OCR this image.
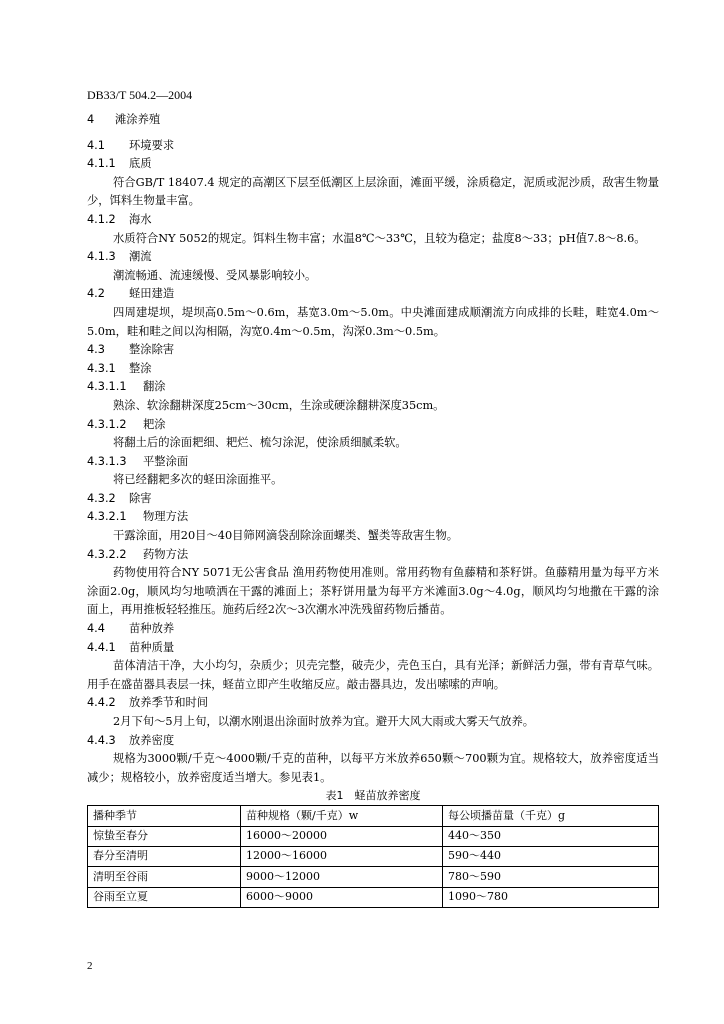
DB33/T 504.2—2004
4	滩涂养殖
4.1	环境要求
4.1.1	底质
符合GB/T 18407.4 规定的高潮区下层至低潮区上层涂面，滩面平缓，涂质稳定，泥质或泥沙质，敌害生物量少，饵料生物量丰富。
4.1.2	海水
水质符合NY 5052的规定。饵料生物丰富；水温8℃～33℃，且较为稳定；盐度8～33；pH值7.8～8.6。
4.1.3	潮流
潮流畅通、流速缓慢、受风暴影响较小。
4.2	蛏田建造
四周建堤坝，堤坝高0.5m～0.6m，基宽3.0m～5.0m。中央滩面建成顺潮流方向成排的长畦，畦宽4.0m～5.0m，畦和畦之间以沟相隔，沟宽0.4m～0.5m，沟深0.3m～0.5m。
4.3	整涂除害
4.3.1	整涂
4.3.1.1	翻涂
熟涂、软涂翻耕深度25cm～30cm，生涂或硬涂翻耕深度35cm。
4.3.1.2	耙涂
将翻土后的涂面耙细、耙烂、梳匀涂泥，使涂质细腻柔软。
4.3.1.3	平整涂面
将已经翻耙多次的蛏田涂面推平。
4.3.2	除害
4.3.2.1	物理方法
干露涂面，用20目～40目筛网滴袋刮除涂面螺类、蟹类等敌害生物。
4.3.2.2	药物方法
药物使用符合NY 5071无公害食品 渔用药物使用准则。常用药物有鱼藤精和茶籽饼。鱼藤精用量为每平方米涂面2.0g，顺风均匀地喷洒在干露的滩面上；茶籽饼用量为每平方米滩面3.0g～4.0g，顺风均匀地撒在干露的涂面上，再用推板轻轻推压。施药后经2次～3次潮水冲洗残留药物后播苗。
4.4	苗种放养
4.4.1	苗种质量
苗体清洁干净，大小均匀，杂质少；贝壳完整，破壳少，壳色玉白，具有光泽；新鲜活力强，带有青草气味。用手在盛苗器具表层一抹，蛏苗立即产生收缩反应。敲击器具边，发出嗦嗦的声响。
4.4.2	放养季节和时间
2月下旬～5月上旬，以潮水刚退出涂面时放养为宜。避开大风大雨或大雾天气放养。
4.4.3	放养密度
规格为3000颗/千克～4000颗/千克的苗种，以每平方米放养650颗～700颗为宜。规格较大，放养密度适当减少；规格较小，放养密度适当增大。参见表1。
表1　蛏苗放养密度
播种季节	苗种规格（颗/千克）w	每公顷播苗量（千克）g
惊蛰至春分	16000～20000	440～350
春分至清明	12000～16000	590～440
清明至谷雨	9000～12000	780～590
谷雨至立夏	6000～9000	1090～780
2
